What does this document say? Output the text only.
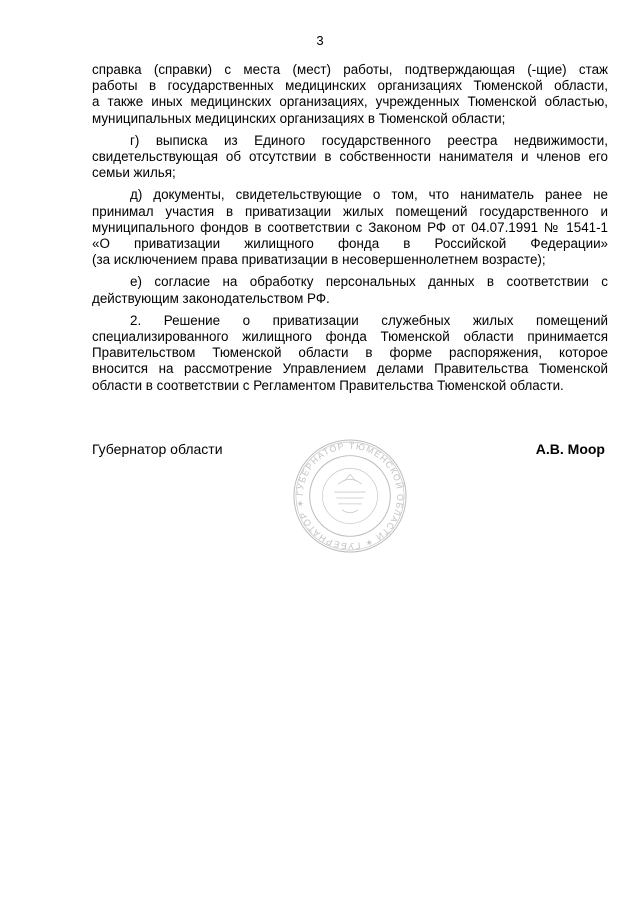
3
справка (справки) с места (мест) работы, подтверждающая (-щие) стаж
работы в государственных медицинских организациях Тюменской области,
а также иных медицинских организациях, учрежденных Тюменской областью,
муниципальных медицинских организациях в Тюменской области;
г) выписка из Единого государственного реестра недвижимости,
свидетельствующая об отсутствии в собственности нанимателя и членов его
семьи жилья;
д) документы, свидетельствующие о том, что наниматель ранее не
принимал участия в приватизации жилых помещений государственного и
муниципального фондов в соответствии с Законом РФ от 04.07.1991 № 1541-1
«О приватизации жилищного фонда в Российской Федерации»
(за исключением права приватизации в несовершеннолетнем возрасте);
е) согласие на обработку персональных данных в соответствии с
действующим законодательством РФ.
2. Решение о приватизации служебных жилых помещений
специализированного жилищного фонда Тюменской области принимается
Правительством Тюменской области в форме распоряжения, которое
вносится на рассмотрение Управлением делами Правительства Тюменской
области в соответствии с Регламентом Правительства Тюменской области.
Губернатор области	А.В. Моор
ГУБЕРНАТОР ТЮМЕНСКОЙ ОБЛАСТИ ✶ ГУБЕРНАТОР ✶
